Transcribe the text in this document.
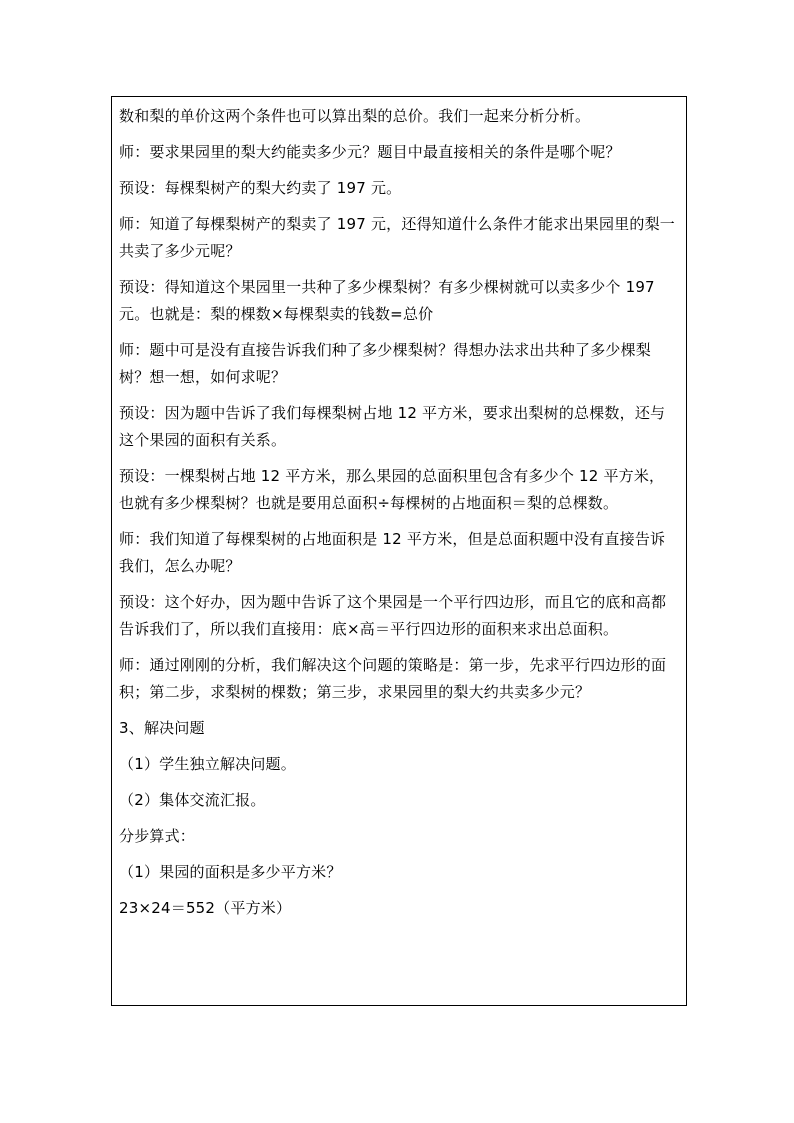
数和梨的单价这两个条件也可以算出梨的总价。我们一起来分析分析。

师：要求果园里的梨大约能卖多少元？题目中最直接相关的条件是哪个呢？

预设：每棵梨树产的梨大约卖了 197 元。

师：知道了每棵梨树产的梨卖了 197 元，还得知道什么条件才能求出果园里的梨一共卖了多少元呢？

预设：得知道这个果园里一共种了多少棵梨树？有多少棵树就可以卖多少个 197 元。也就是：梨的棵数×每棵梨卖的钱数=总价

师：题中可是没有直接告诉我们种了多少棵梨树？得想办法求出共种了多少棵梨树？想一想，如何求呢？

预设：因为题中告诉了我们每棵梨树占地 12 平方米，要求出梨树的总棵数，还与这个果园的面积有关系。

预设：一棵梨树占地 12 平方米，那么果园的总面积里包含有多少个 12 平方米，也就有多少棵梨树？也就是要用总面积÷每棵树的占地面积＝梨的总棵数。

师：我们知道了每棵梨树的占地面积是 12 平方米，但是总面积题中没有直接告诉我们，怎么办呢？

预设：这个好办，因为题中告诉了这个果园是一个平行四边形，而且它的底和高都告诉我们了，所以我们直接用：底×高＝平行四边形的面积来求出总面积。

师：通过刚刚的分析，我们解决这个问题的策略是：第一步，先求平行四边形的面积；第二步，求梨树的棵数；第三步，求果园里的梨大约共卖多少元？

3、解决问题

（1）学生独立解决问题。

（2）集体交流汇报。

分步算式：

（1）果园的面积是多少平方米？

23×24＝552（平方米）
